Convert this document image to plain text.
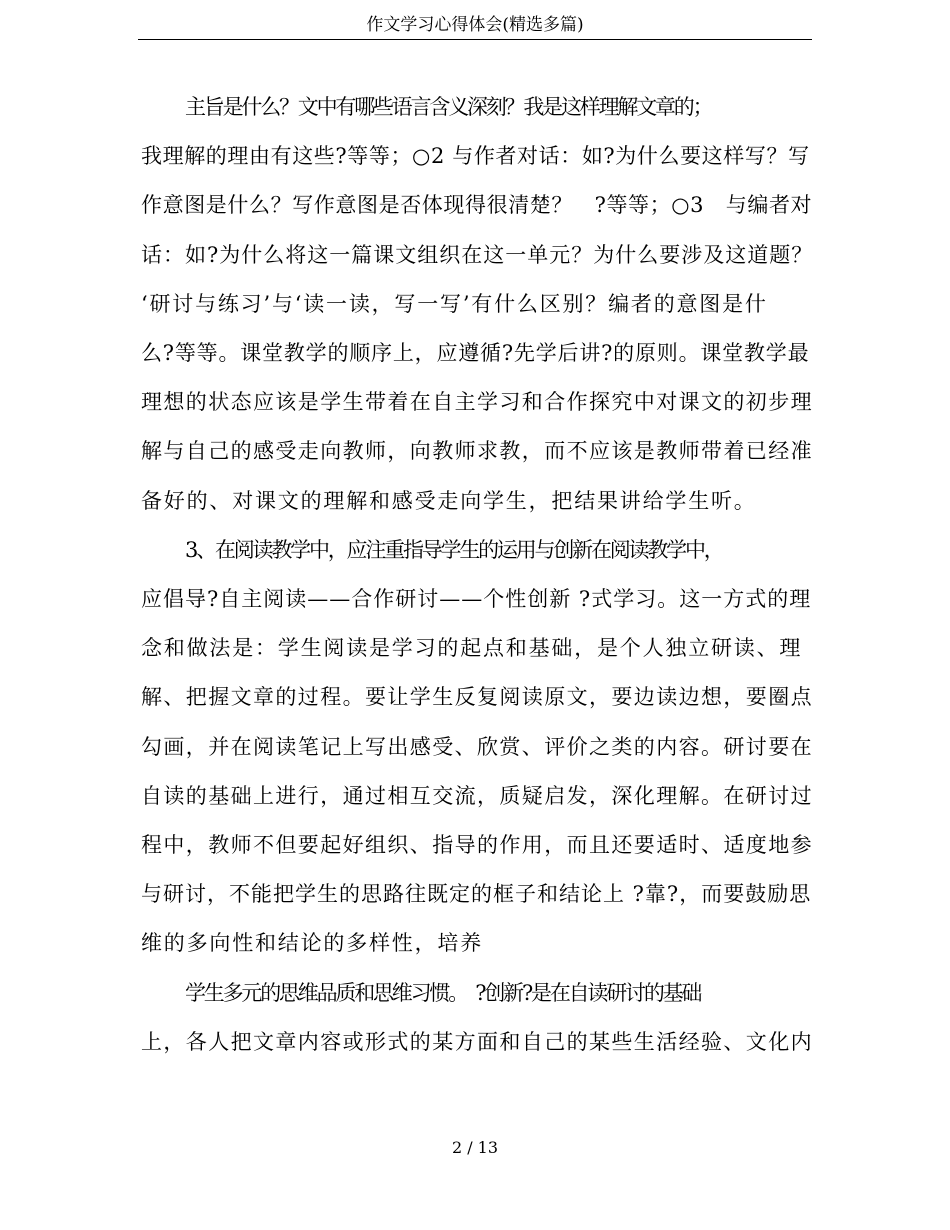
作文学习心得体会(精选多篇)

主旨是什么？文中有哪些语言含义深刻？我是这样理解文章的；
我理解的理由有这些?等等；○2 与作者对话：如?为什么要这样写？写
作意图是什么？写作意图是否体现得很清楚？　?等等；○3　与编者对
话：如?为什么将这一篇课文组织在这一单元？为什么要涉及这道题？
‘研讨与练习’与‘读一读，写一写’有什么区别？编者的意图是什
么?等等。课堂教学的顺序上，应遵循?先学后讲?的原则。课堂教学最
理想的状态应该是学生带着在自主学习和合作探究中对课文的初步理
解与自己的感受走向教师，向教师求教，而不应该是教师带着已经准
备好的、对课文的理解和感受走向学生，把结果讲给学生听。

3、在阅读教学中，应注重指导学生的运用与创新在阅读教学中，
应倡导?自主阅读——合作研讨——个性创新 ?式学习。这一方式的理
念和做法是：学生阅读是学习的起点和基础，是个人独立研读、理
解、把握文章的过程。要让学生反复阅读原文，要边读边想，要圈点
勾画，并在阅读笔记上写出感受、欣赏、评价之类的内容。研讨要在
自读的基础上进行，通过相互交流，质疑启发，深化理解。在研讨过
程中，教师不但要起好组织、指导的作用，而且还要适时、适度地参
与研讨，不能把学生的思路往既定的框子和结论上 ?靠?，而要鼓励思
维的多向性和结论的多样性，培养

学生多元的思维品质和思维习惯。　?创新?是在自读研讨的基础
上，各人把文章内容或形式的某方面和自己的某些生活经验、文化内

2 / 13
